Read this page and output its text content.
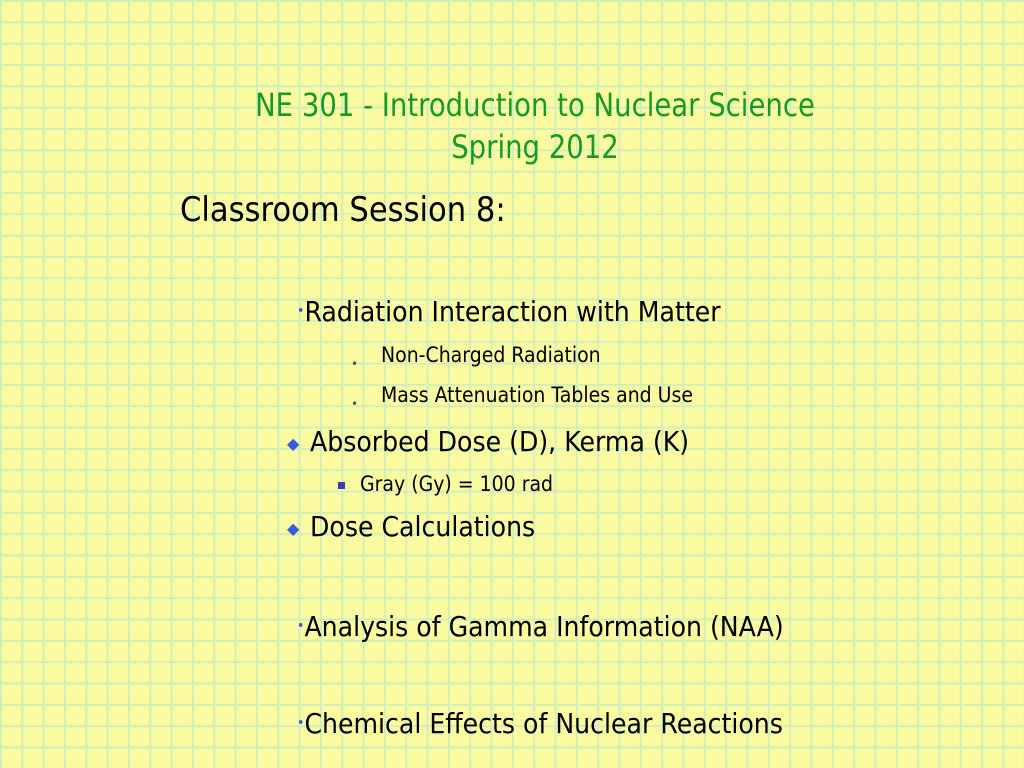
NE 301 - Introduction to Nuclear Science
Spring 2012
Classroom Session 8:
•Radiation Interaction with Matter
• Non-Charged Radiation
• Mass Attenuation Tables and Use
◆ Absorbed Dose (D), Kerma (K)
Gray (Gy) = 100 rad
◆ Dose Calculations
•Analysis of Gamma Information (NAA)
•Chemical Effects of Nuclear Reactions
